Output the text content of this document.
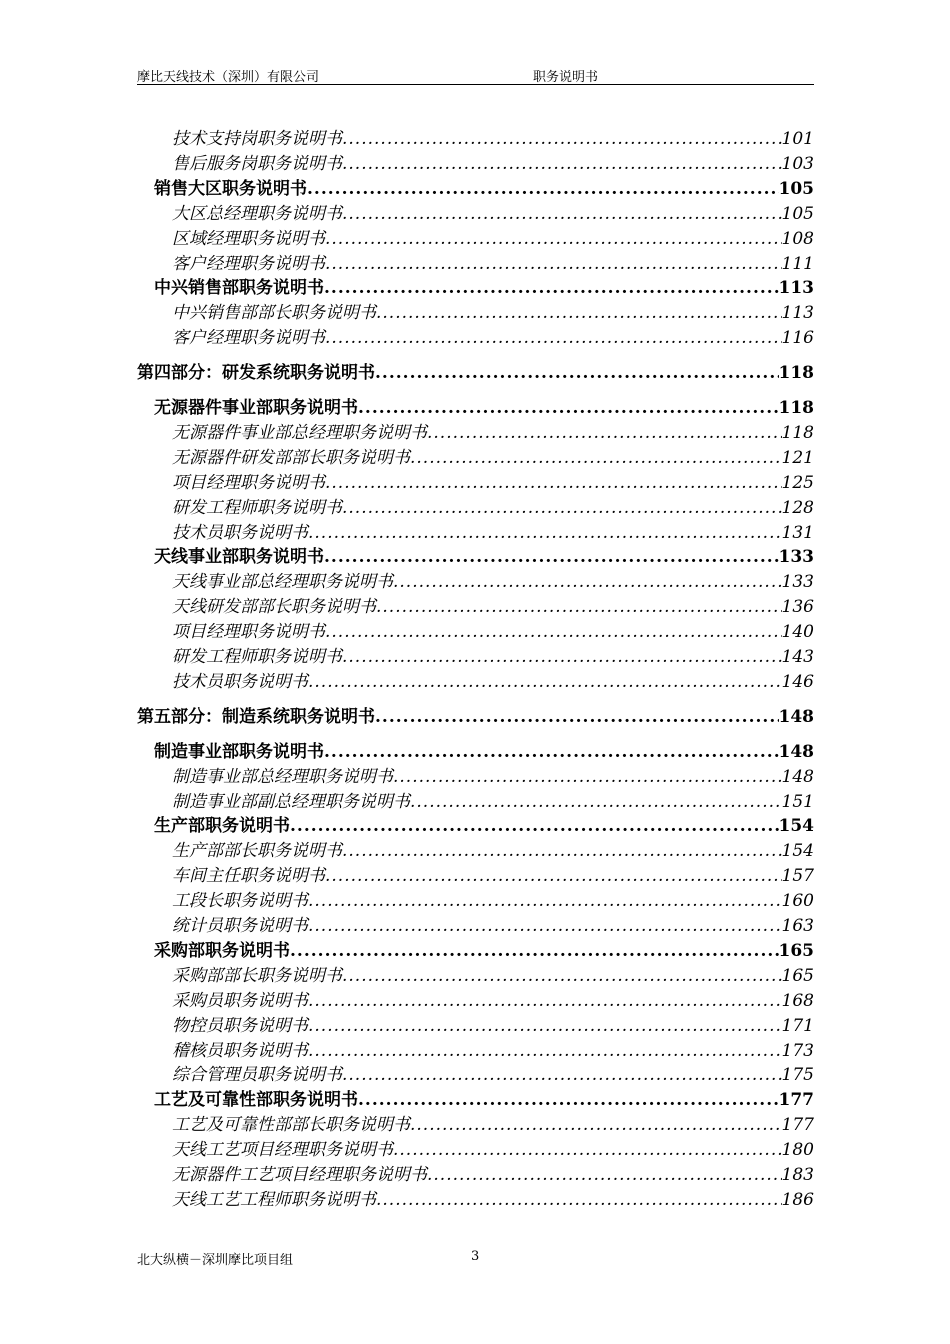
摩比天线技术（深圳）有限公司	职务说明书
技术支持岗职务说明书 .....	101
售后服务岗职务说明书 .....	103
销售大区职务说明书 .....	105
大区总经理职务说明书 .....	105
区域经理职务说明书 .....	108
客户经理职务说明书 .....	111
中兴销售部职务说明书 .....	113
中兴销售部部长职务说明书 .....	113
客户经理职务说明书 .....	116
第四部分：研发系统职务说明书 .....	118
无源器件事业部职务说明书 .....	118
无源器件事业部总经理职务说明书 .....	118
无源器件研发部部长职务说明书 .....	121
项目经理职务说明书 .....	125
研发工程师职务说明书 .....	128
技术员职务说明书 .....	131
天线事业部职务说明书 .....	133
天线事业部总经理职务说明书 .....	133
天线研发部部长职务说明书 .....	136
项目经理职务说明书 .....	140
研发工程师职务说明书 .....	143
技术员职务说明书 .....	146
第五部分：制造系统职务说明书 .....	148
制造事业部职务说明书 .....	148
制造事业部总经理职务说明书 .....	148
制造事业部副总经理职务说明书 .....	151
生产部职务说明书 .....	154
生产部部长职务说明书 .....	154
车间主任职务说明书 .....	157
工段长职务说明书 .....	160
统计员职务说明书 .....	163
采购部职务说明书 .....	165
采购部部长职务说明书 .....	165
采购员职务说明书 .....	168
物控员职务说明书 .....	171
稽核员职务说明书 .....	173
综合管理员职务说明书 .....	175
工艺及可靠性部职务说明书 .....	177
工艺及可靠性部部长职务说明书 .....	177
天线工艺项目经理职务说明书 .....	180
无源器件工艺项目经理职务说明书 .....	183
天线工艺工程师职务说明书 .....	186
北大纵横－深圳摩比项目组	3
